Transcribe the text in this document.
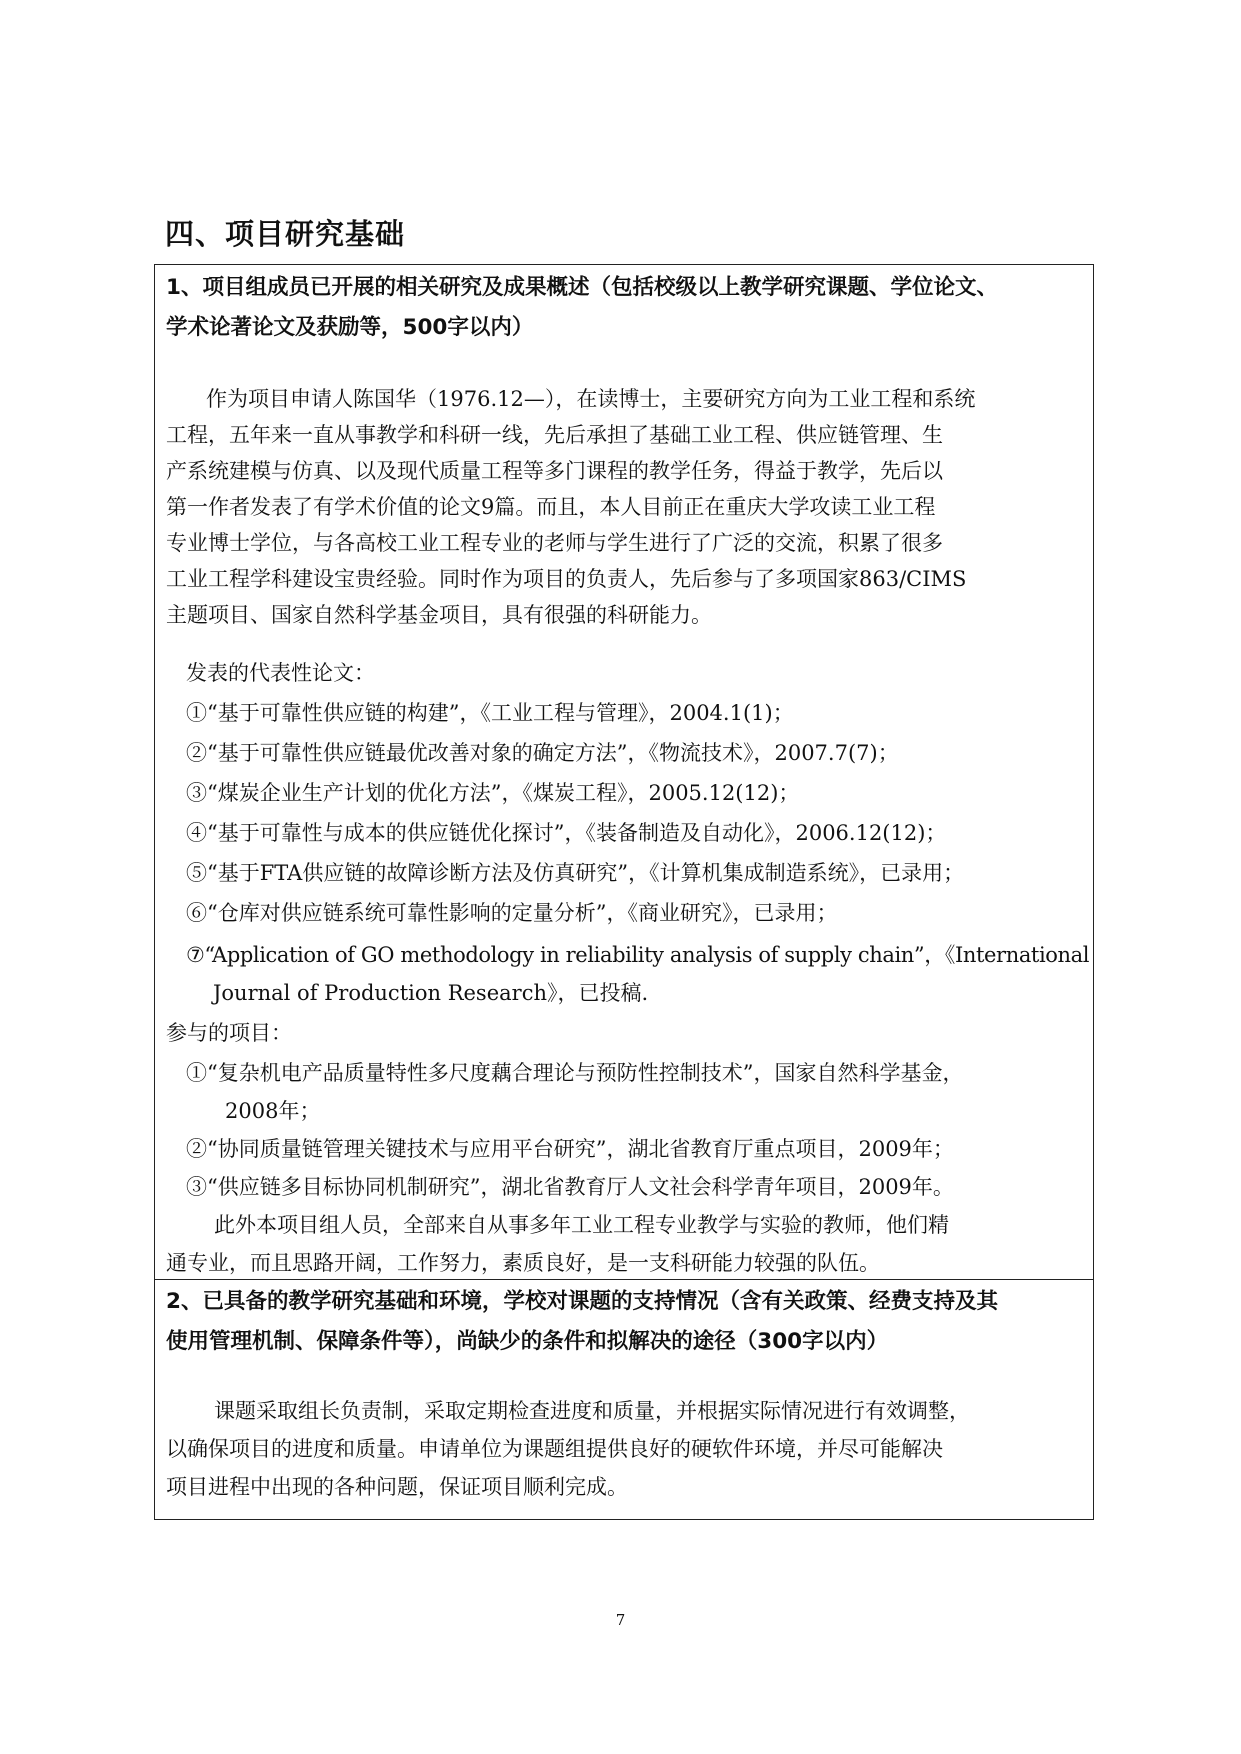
四、项目研究基础
1、项目组成员已开展的相关研究及成果概述（包括校级以上教学研究课题、学位论文、
学术论著论文及获励等，500字以内）
作为项目申请人陈国华（1976.12—），在读博士，主要研究方向为工业工程和系统
工程，五年来一直从事教学和科研一线，先后承担了基础工业工程、供应链管理、生
产系统建模与仿真、以及现代质量工程等多门课程的教学任务，得益于教学，先后以
第一作者发表了有学术价值的论文9篇。而且，本人目前正在重庆大学攻读工业工程
专业博士学位，与各高校工业工程专业的老师与学生进行了广泛的交流，积累了很多
工业工程学科建设宝贵经验。同时作为项目的负责人，先后参与了多项国家863/CIMS
主题项目、国家自然科学基金项目，具有很强的科研能力。
发表的代表性论文：
①“基于可靠性供应链的构建”，《工业工程与管理》，2004.1(1)；
②“基于可靠性供应链最优改善对象的确定方法”，《物流技术》，2007.7(7)；
③“煤炭企业生产计划的优化方法”，《煤炭工程》，2005.12(12)；
④“基于可靠性与成本的供应链优化探讨”，《装备制造及自动化》，2006.12(12)；
⑤“基于FTA供应链的故障诊断方法及仿真研究”，《计算机集成制造系统》，已录用；
⑥“仓库对供应链系统可靠性影响的定量分析”，《商业研究》，已录用；
⑦“Application of GO methodology in reliability analysis of supply chain”，《International
Journal of Production Research》，已投稿.
参与的项目：
①“复杂机电产品质量特性多尺度藕合理论与预防性控制技术”，国家自然科学基金，
2008年；
②“协同质量链管理关键技术与应用平台研究”，湖北省教育厅重点项目，2009年；
③“供应链多目标协同机制研究”，湖北省教育厅人文社会科学青年项目，2009年。
此外本项目组人员，全部来自从事多年工业工程专业教学与实验的教师，他们精
通专业，而且思路开阔，工作努力，素质良好，是一支科研能力较强的队伍。
2、已具备的教学研究基础和环境，学校对课题的支持情况（含有关政策、经费支持及其
使用管理机制、保障条件等），尚缺少的条件和拟解决的途径（300字以内）
课题采取组长负责制，采取定期检查进度和质量，并根据实际情况进行有效调整，
以确保项目的进度和质量。申请单位为课题组提供良好的硬软件环境，并尽可能解决
项目进程中出现的各种问题，保证项目顺利完成。
7
